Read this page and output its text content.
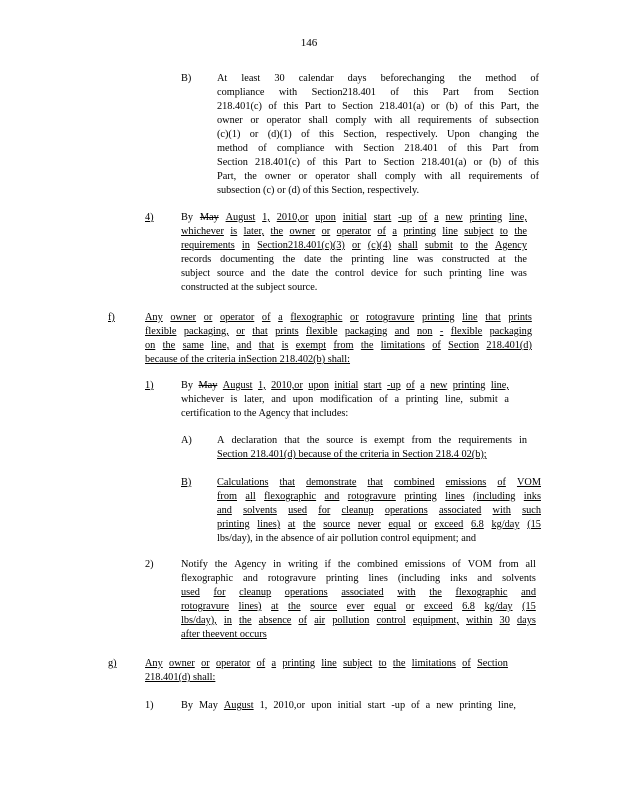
146
B) At least 30 calendar days beforechanging the method of
compliance with Section218.401 of this Part from Section
218.401(c) of this Part to Section 218.401(a) or (b) of this Part, the
owner or operator shall comply with all requirements of subsection
(c)(1) or (d)(1) of this Section, respectively. Upon changing the
method of compliance with Section 218.401 of this Part from
Section 218.401(c) of this Part to Section 218.401(a) or (b) of this
Part, the owner or operator shall comply with all requirements of
subsection (c) or (d) of this Section, respectively.
4)	By May August 1, 2010,or upon initial start -up of a new printing line,
whichever is later, the owner or operator of a printing line subject to the
requirements in Section218.401(c)(3) or (c)(4) shall submit to the Agency
records documenting the date the printing line was constructed at the
subject source and the date the control device for such printing line was
constructed at the subject source.
f)	Any owner or operator of a flexographic or rotogravure printing line that prints
flexible packaging, or that prints flexible packaging and non - flexible packaging
on the same line, and that is exempt from the limitations of Section 218.401(d)
because of the criteria inSection 218.402(b) shall:
1)	By May August 1, 2010,or upon initial start -up of a new printing line,
whichever is later, and upon modification of a printing line, submit a
certification to the Agency that includes:
A) A declaration that the source is exempt from the requirements in
Section 218.401(d) because of the criteria in Section 218.4 02(b);
B) Calculations that demonstrate that combined emissions of VOM
from all flexographic and rotogravure printing lines (including inks
and solvents used for cleanup operations associated with such
printing lines) at the source never equal or exceed 6.8 kg/day (15
lbs/day), in the absence of air pollution control equipment; and
2)	Notify the Agency in writing if the combined emissions of VOM from all
flexographic and rotogravure printing lines (including inks and solvents
used for cleanup operations associated with the flexographic and
rotogravure lines) at the source ever equal or exceed 6.8 kg/day (15
lbs/day), in the absence of air pollution control equipment, within 30 days
after theevent occurs
g)	Any owner or operator of a printing line subject to the limitations of Section
218.401(d) shall:
1)	By May August 1, 2010,or upon initial start -up of a new printing line,
